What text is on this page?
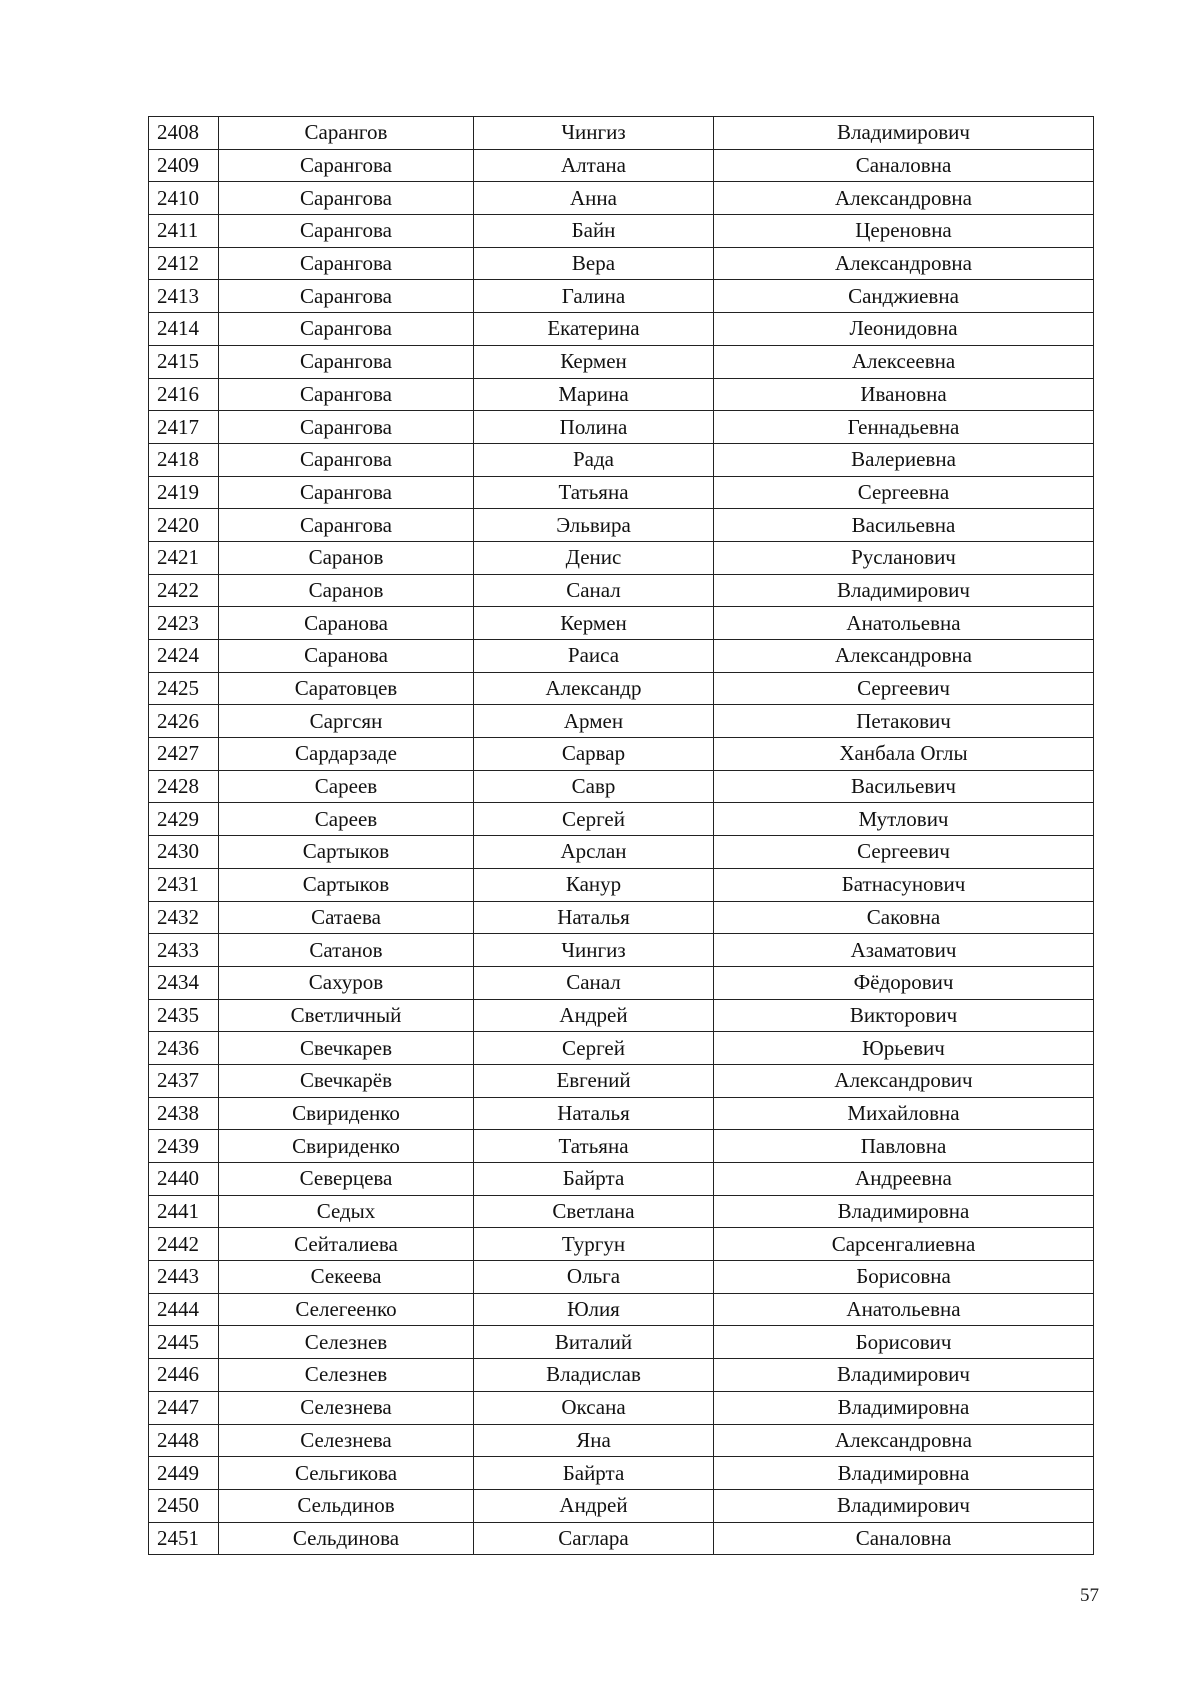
2408	Сарангов	Чингиз	Владимирович
2409	Сарангова	Алтана	Саналовна
2410	Сарангова	Анна	Александровна
2411	Сарангова	Байн	Цереновна
2412	Сарангова	Вера	Александровна
2413	Сарангова	Галина	Санджиевна
2414	Сарангова	Екатерина	Леонидовна
2415	Сарангова	Кермен	Алексеевна
2416	Сарангова	Марина	Ивановна
2417	Сарангова	Полина	Геннадьевна
2418	Сарангова	Рада	Валериевна
2419	Сарангова	Татьяна	Сергеевна
2420	Сарангова	Эльвира	Васильевна
2421	Саранов	Денис	Русланович
2422	Саранов	Санал	Владимирович
2423	Саранова	Кермен	Анатольевна
2424	Саранова	Раиса	Александровна
2425	Саратовцев	Александр	Сергеевич
2426	Саргсян	Армен	Петакович
2427	Сардарзаде	Сарвар	Ханбала Оглы
2428	Сареев	Савр	Васильевич
2429	Сареев	Сергей	Мутлович
2430	Сартыков	Арслан	Сергеевич
2431	Сартыков	Канур	Батнасунович
2432	Сатаева	Наталья	Саковна
2433	Сатанов	Чингиз	Азаматович
2434	Сахуров	Санал	Фёдорович
2435	Светличный	Андрей	Викторович
2436	Свечкарев	Сергей	Юрьевич
2437	Свечкарёв	Евгений	Александрович
2438	Свириденко	Наталья	Михайловна
2439	Свириденко	Татьяна	Павловна
2440	Северцева	Байрта	Андреевна
2441	Седых	Светлана	Владимировна
2442	Сейталиева	Тургун	Сарсенгалиевна
2443	Секеева	Ольга	Борисовна
2444	Селегеенко	Юлия	Анатольевна
2445	Селезнев	Виталий	Борисович
2446	Селезнев	Владислав	Владимирович
2447	Селезнева	Оксана	Владимировна
2448	Селезнева	Яна	Александровна
2449	Сельгикова	Байрта	Владимировна
2450	Сельдинов	Андрей	Владимирович
2451	Сельдинова	Саглара	Саналовна
57
